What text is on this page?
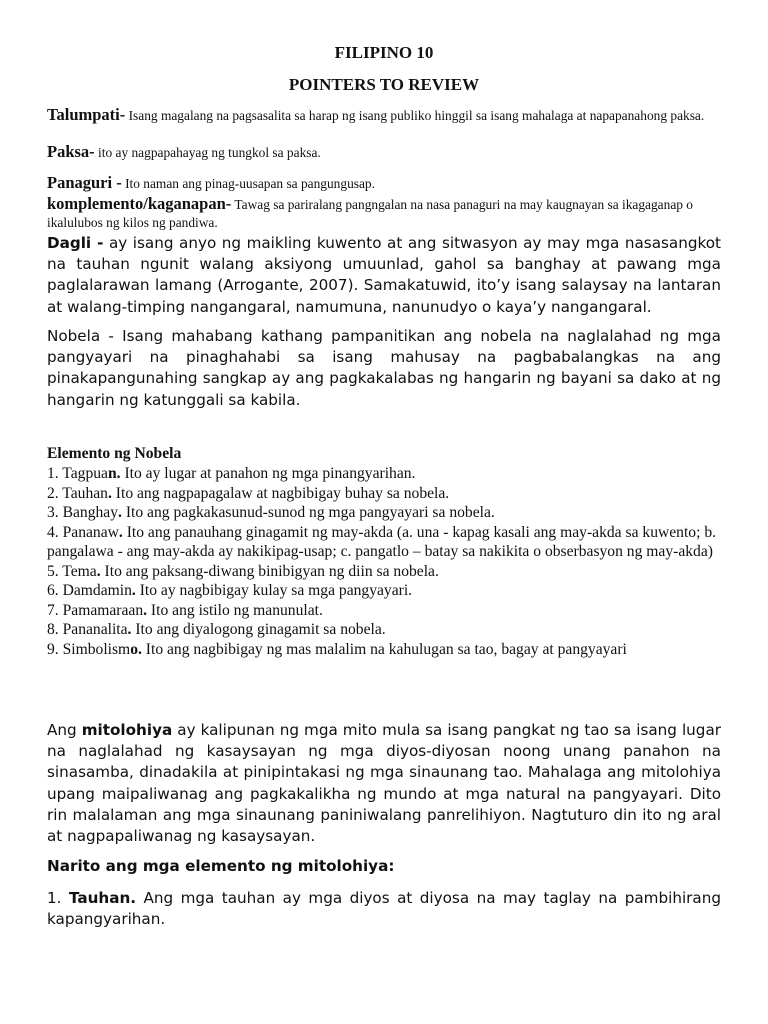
FILIPINO 10
POINTERS TO REVIEW
Talumpati- Isang magalang na pagsasalita sa harap ng isang publiko hinggil sa isang mahalaga at napapanahong paksa.
Paksa- ito ay nagpapahayag ng tungkol sa paksa.
Panaguri - Ito naman ang pinag-uusapan sa pangungusap.
komplemento/kaganapan- Tawag sa pariralang pangngalan na nasa panaguri na may kaugnayan sa ikagaganap o ikalulubos ng kilos ng pandiwa.
Dagli - ay isang anyo ng maikling kuwento at ang sitwasyon ay may mga nasasangkot na tauhan ngunit walang aksiyong umuunlad, gahol sa banghay at pawang mga paglalarawan lamang (Arrogante, 2007). Samakatuwid, ito’y isang salaysay na lantaran at walang-timping nangangaral, namumuna, nanunudyo o kaya’y nangangaral.
Nobela - Isang mahabang kathang pampanitikan ang nobela na naglalahad ng mga pangyayari na pinaghahabi sa isang mahusay na pagbabalangkas na ang pinakapangunahing sangkap ay ang pagkakalabas ng hangarin ng bayani sa dako at ng hangarin ng katunggali sa kabila.
Elemento ng Nobela
1. Tagpuan. Ito ay lugar at panahon ng mga pinangyarihan.
2. Tauhan. Ito ang nagpapagalaw at nagbibigay buhay sa nobela.
3. Banghay. Ito ang pagkakasunud-sunod ng mga pangyayari sa nobela.
4. Pananaw. Ito ang panauhang ginagamit ng may-akda (a. una - kapag kasali ang may-akda sa kuwento; b. pangalawa - ang may-akda ay nakikipag-usap; c. pangatlo – batay sa nakikita o obserbasyon ng may-akda)
5. Tema. Ito ang paksang-diwang binibigyan ng diin sa nobela.
6. Damdamin. Ito ay nagbibigay kulay sa mga pangyayari.
7. Pamamaraan. Ito ang istilo ng manunulat.
8. Pananalita. Ito ang diyalogong ginagamit sa nobela.
9. Simbolismo. Ito ang nagbibigay ng mas malalim na kahulugan sa tao, bagay at pangyayari
Ang mitolohiya ay kalipunan ng mga mito mula sa isang pangkat ng tao sa isang lugar na naglalahad ng kasaysayan ng mga diyos-diyosan noong unang panahon na sinasamba, dinadakila at pinipintakasi ng mga sinaunang tao. Mahalaga ang mitolohiya upang maipaliwanag ang pagkakalikha ng mundo at mga natural na pangyayari. Dito rin malalaman ang mga sinaunang paniniwalang panrelihiyon. Nagtuturo din ito ng aral at nagpapaliwanag ng kasaysayan.
Narito ang mga elemento ng mitolohiya:
1. Tauhan. Ang mga tauhan ay mga diyos at diyosa na may taglay na pambihirang kapangyarihan.
